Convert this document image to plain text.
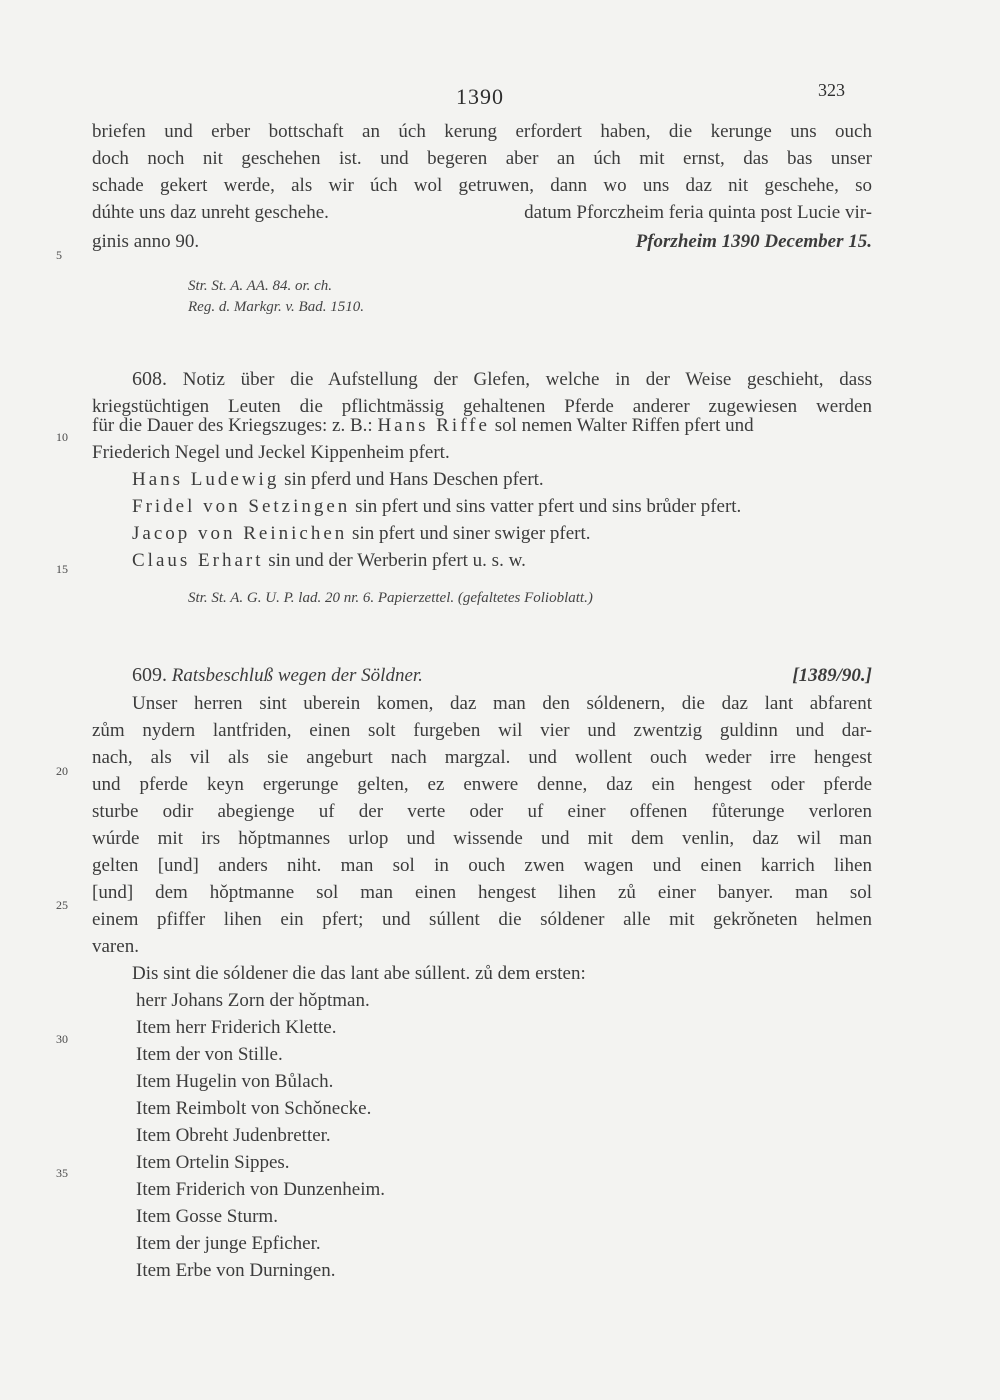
1390	323
briefen und erber bottschaft an úch kerung erfordert haben, die kerunge uns ouch
doch noch nit geschehen ist. und begeren aber an úch mit ernst, das bas unser
schade gekert werde, als wir úch wol getruwen, dann wo uns daz nit geschehe, so
dúhte uns daz unreht geschehe.	datum Pforczheim feria quinta post Lucie vir-
5
ginis anno 90.	Pforzheim 1390 December 15.
Str. St. A. AA. 84. or. ch.
Reg. d. Markgr. v. Bad. 1510.
608. Notiz über die Aufstellung der Glefen, welche in der Weise geschieht, dass
kriegstüchtigen Leuten die pflichtmässig gehaltenen Pferde anderer zugewiesen werden
10
für die Dauer des Kriegszuges: z. B.: Hans Riffe sol nemen Walter Riffen pfert und
Friederich Negel und Jeckel Kippenheim pfert.
Hans Ludewig sin pferd und Hans Deschen pfert.
Fridel von Setzingen sin pfert und sins vatter pfert und sins brůder pfert.
Jacop von Reinichen sin pfert und siner swiger pfert.
15	Claus Erhart sin und der Werberin pfert u. s. w.
Str. St. A. G. U. P. lad. 20 nr. 6. Papierzettel. (gefaltetes Folioblatt.)
609. Ratsbeschluß wegen der Söldner.	[1389/90.]
Unser herren sint uberein komen, daz man den sóldenern, die daz lant abfarent
zům nydern lantfriden, einen solt furgeben wil vier und zwentzig guldinn und dar-
20
nach, als vil als sie angeburt nach margzal. und wollent ouch weder irre hengest
und pferde keyn ergerunge gelten, ez enwere denne, daz ein hengest oder pferde
sturbe odir abegienge uf der verte oder uf einer offenen fůterunge verloren
wúrde mit irs hǒptmannes urlop und wissende und mit dem venlin, daz wil man
gelten [und] anders niht. man sol in ouch zwen wagen und einen karrich lihen
25
[und] dem hǒptmanne sol man einen hengest lihen zů einer banyer. man sol
einem pfiffer lihen ein pfert; und súllent die sóldener alle mit gekrǒneten helmen
varen.
Dis sint die sóldener die das lant abe súllent. zů dem ersten:
herr Johans Zorn der hǒptman.
30
Item herr Friderich Klette.
Item der von Stille.
Item Hugelin von Bůlach.
Item Reimbolt von Schǒnecke.
Item Obreht Judenbretter.
35	Item Ortelin Sippes.
Item Friderich von Dunzenheim.
Item Gosse Sturm.
Item der junge Epficher.
Item Erbe von Durningen.
